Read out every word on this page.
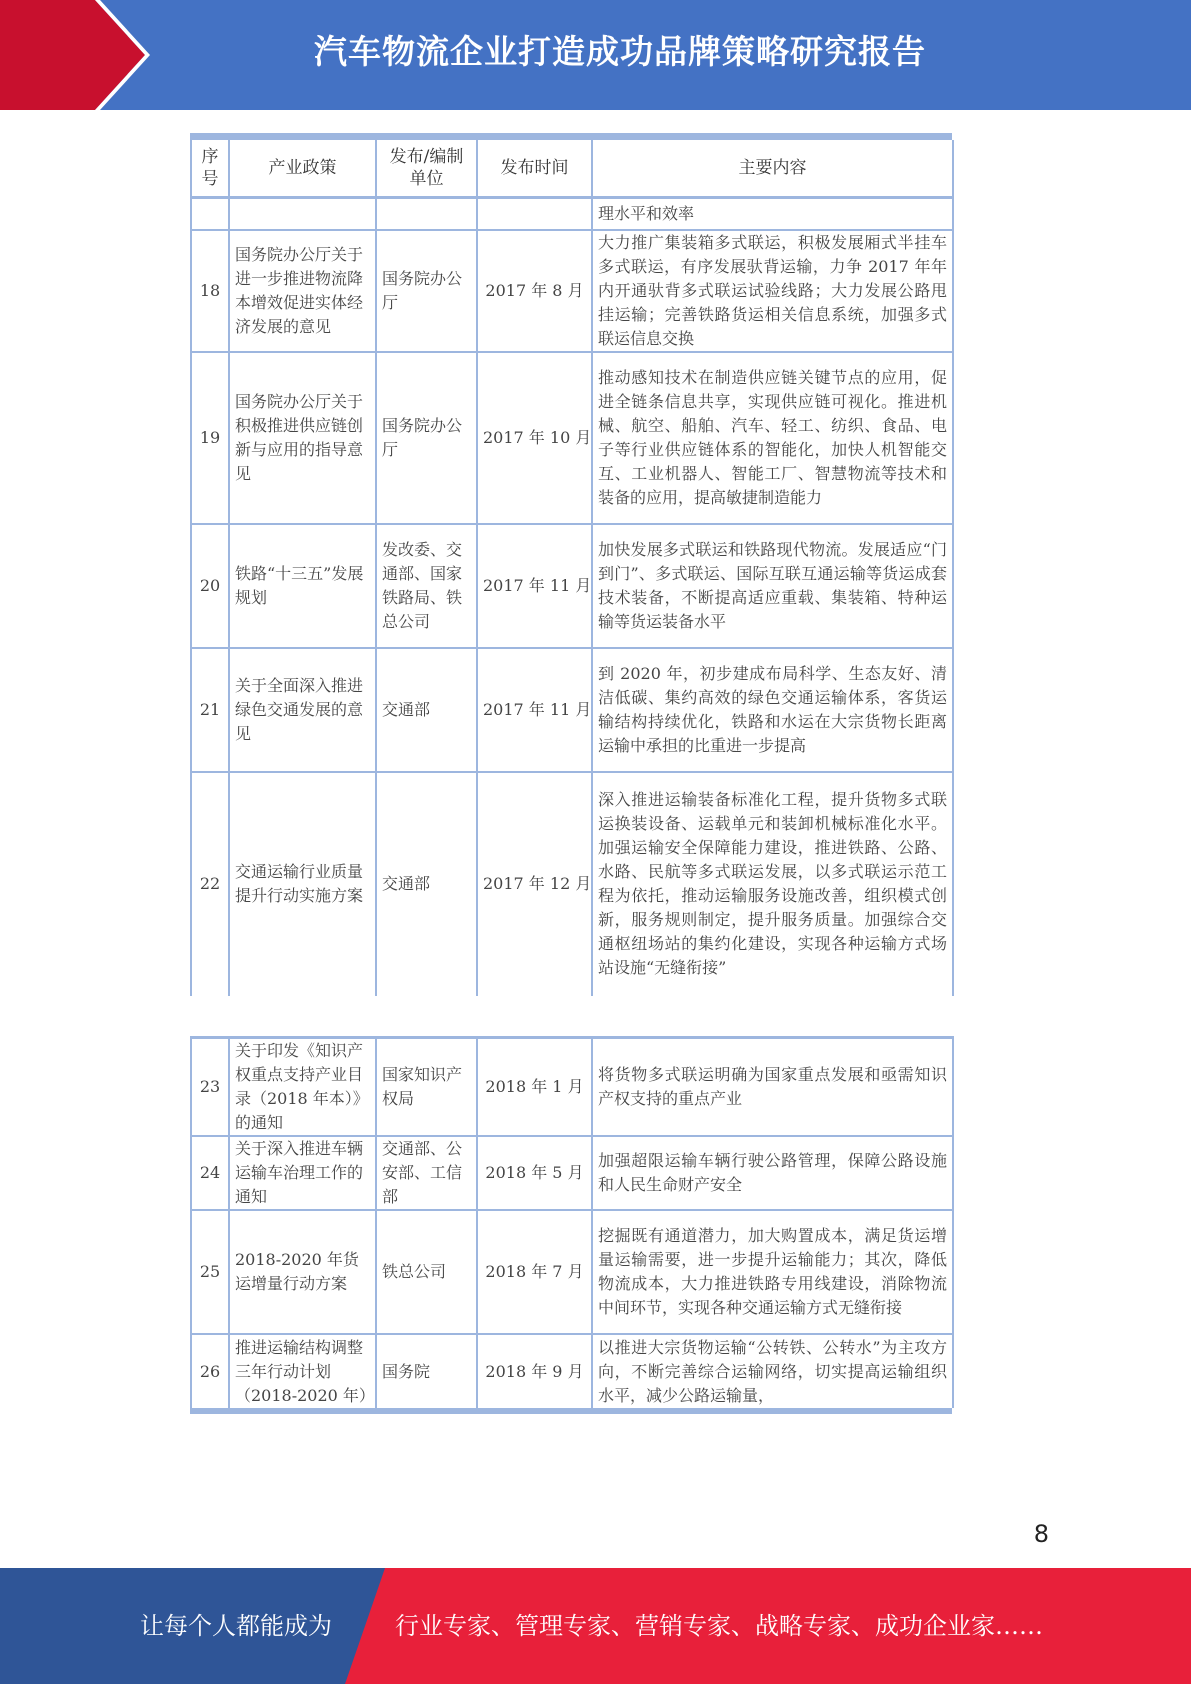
汽车物流企业打造成功品牌策略研究报告
序号	产业政策	发布/编制单位	发布时间	主要内容
				理水平和效率
18	国务院办公厅关于进一步推进物流降本增效促进实体经济发展的意见	国务院办公厅	2017 年 8 月	大力推广集装箱多式联运，积极发展厢式半挂车多式联运，有序发展驮背运输，力争 2017 年年内开通驮背多式联运试验线路；大力发展公路甩挂运输；完善铁路货运相关信息系统，加强多式联运信息交换
19	国务院办公厅关于积极推进供应链创新与应用的指导意见	国务院办公厅	2017 年 10 月	推动感知技术在制造供应链关键节点的应用，促进全链条信息共享，实现供应链可视化。推进机械、航空、船舶、汽车、轻工、纺织、食品、电子等行业供应链体系的智能化，加快人机智能交互、工业机器人、智能工厂、智慧物流等技术和装备的应用，提高敏捷制造能力
20	铁路“十三五”发展规划	发改委、交通部、国家铁路局、铁总公司	2017 年 11 月	加快发展多式联运和铁路现代物流。发展适应“门到门”、多式联运、国际互联互通运输等货运成套技术装备，不断提高适应重载、集装箱、特种运输等货运装备水平
21	关于全面深入推进绿色交通发展的意见	交通部	2017 年 11 月	到 2020 年，初步建成布局科学、生态友好、清洁低碳、集约高效的绿色交通运输体系，客货运输结构持续优化，铁路和水运在大宗货物长距离运输中承担的比重进一步提高
22	交通运输行业质量提升行动实施方案	交通部	2017 年 12 月	深入推进运输装备标准化工程，提升货物多式联运换装设备、运载单元和装卸机械标准化水平。加强运输安全保障能力建设，推进铁路、公路、水路、民航等多式联运发展，以多式联运示范工程为依托，推动运输服务设施改善，组织模式创新，服务规则制定，提升服务质量。加强综合交通枢纽场站的集约化建设，实现各种运输方式场站设施“无缝衔接”
23	关于印发《知识产权重点支持产业目录（2018 年本）》的通知	国家知识产权局	2018 年 1 月	将货物多式联运明确为国家重点发展和亟需知识产权支持的重点产业
24	关于深入推进车辆运输车治理工作的通知	交通部、公安部、工信部	2018 年 5 月	加强超限运输车辆行驶公路管理，保障公路设施和人民生命财产安全
25	2018-2020 年货运增量行动方案	铁总公司	2018 年 7 月	挖掘既有通道潜力，加大购置成本，满足货运增量运输需要，进一步提升运输能力；其次，降低物流成本，大力推进铁路专用线建设，消除物流中间环节，实现各种交通运输方式无缝衔接
26	推进运输结构调整三年行动计划（2018-2020 年）	国务院	2018 年 9 月	以推进大宗货物运输“公转铁、公转水”为主攻方向，不断完善综合运输网络，切实提高运输组织水平，减少公路运输量，
8
让每个人都能成为	行业专家、管理专家、营销专家、战略专家、成功企业家……
